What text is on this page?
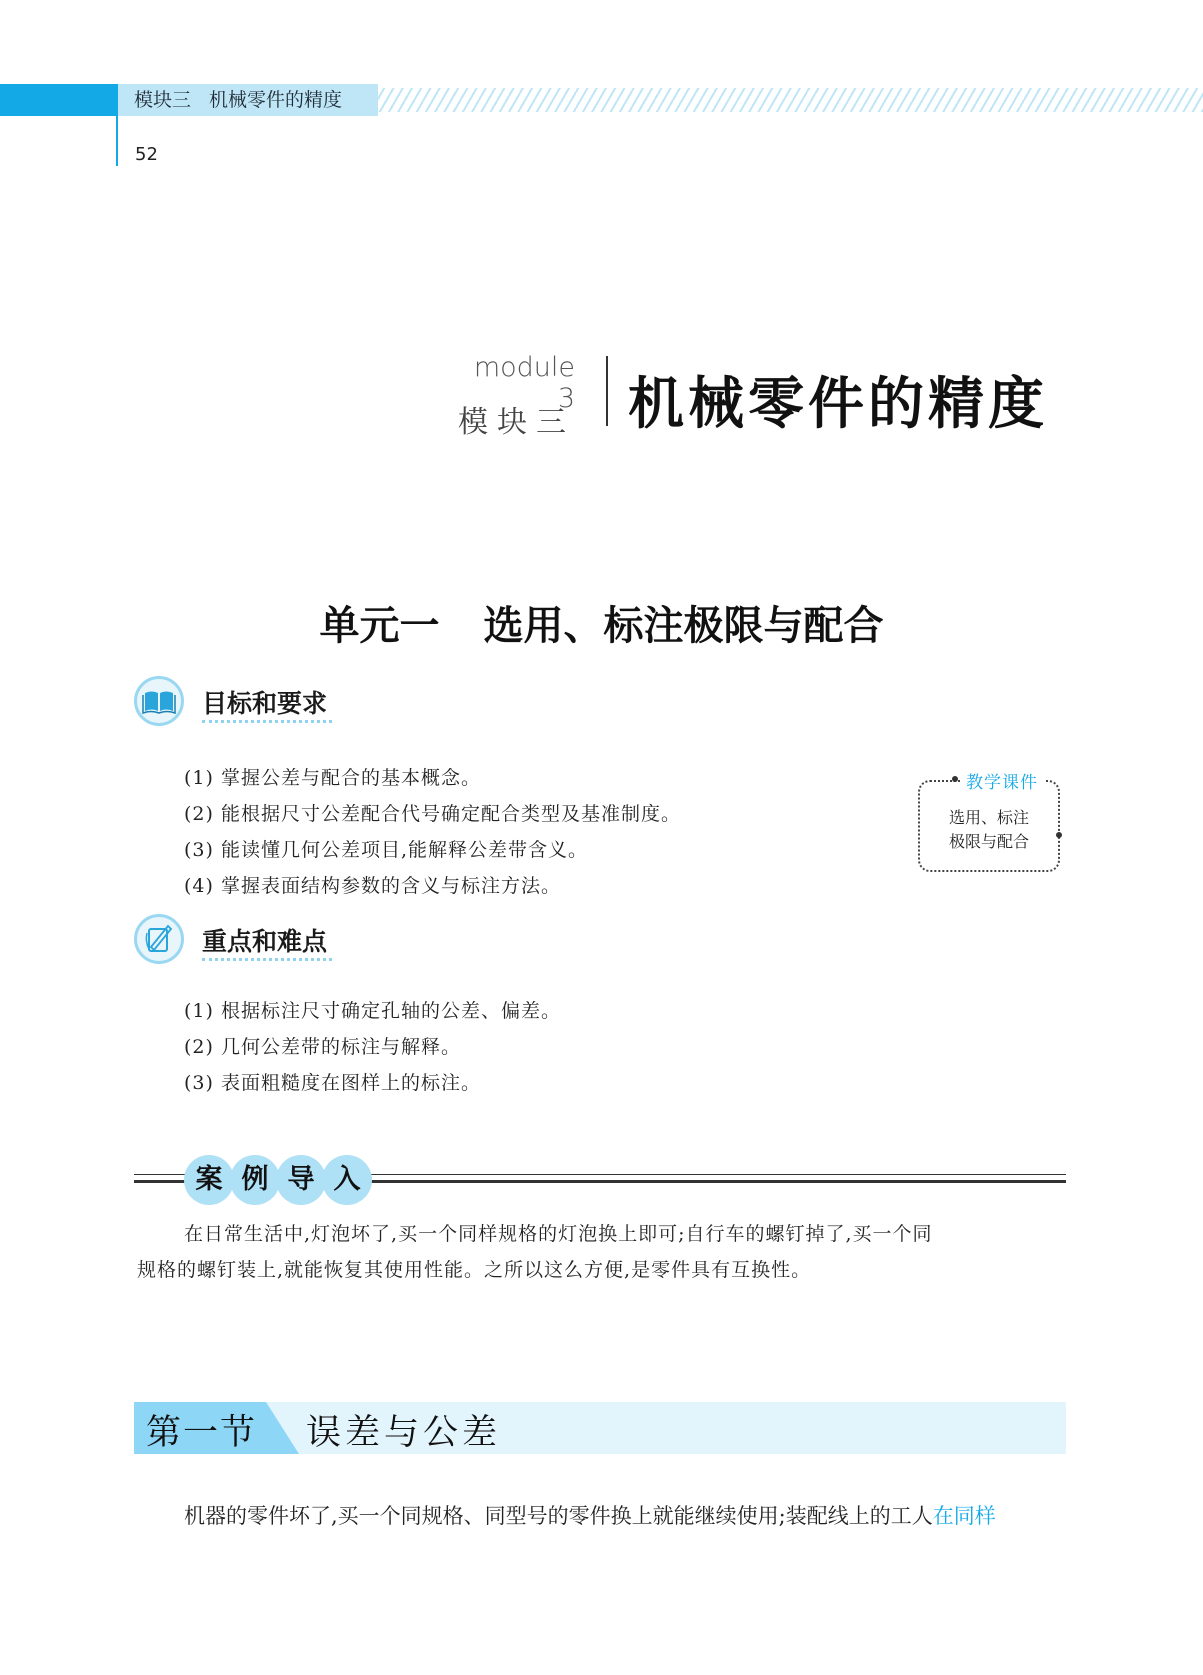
模块三 机械零件的精度
52
module 3
模块三 机械零件的精度
单元一 选用、标注极限与配合
目标和要求
(1) 掌握公差与配合的基本概念。
(2) 能根据尺寸公差配合代号确定配合类型及基准制度。
(3) 能读懂几何公差项目,能解释公差带含义。
(4) 掌握表面结构参数的含义与标注方法。
教学课件
选用、标注
极限与配合
重点和难点
(1) 根据标注尺寸确定孔轴的公差、偏差。
(2) 几何公差带的标注与解释。
(3) 表面粗糙度在图样上的标注。
案 例 导 入
在日常生活中,灯泡坏了,买一个同样规格的灯泡换上即可;自行车的螺钉掉了,买一个同
规格的螺钉装上,就能恢复其使用性能。之所以这么方便,是零件具有互换性。
第一节 误差与公差
机器的零件坏了,买一个同规格、同型号的零件换上就能继续使用;装配线上的工人在同样
